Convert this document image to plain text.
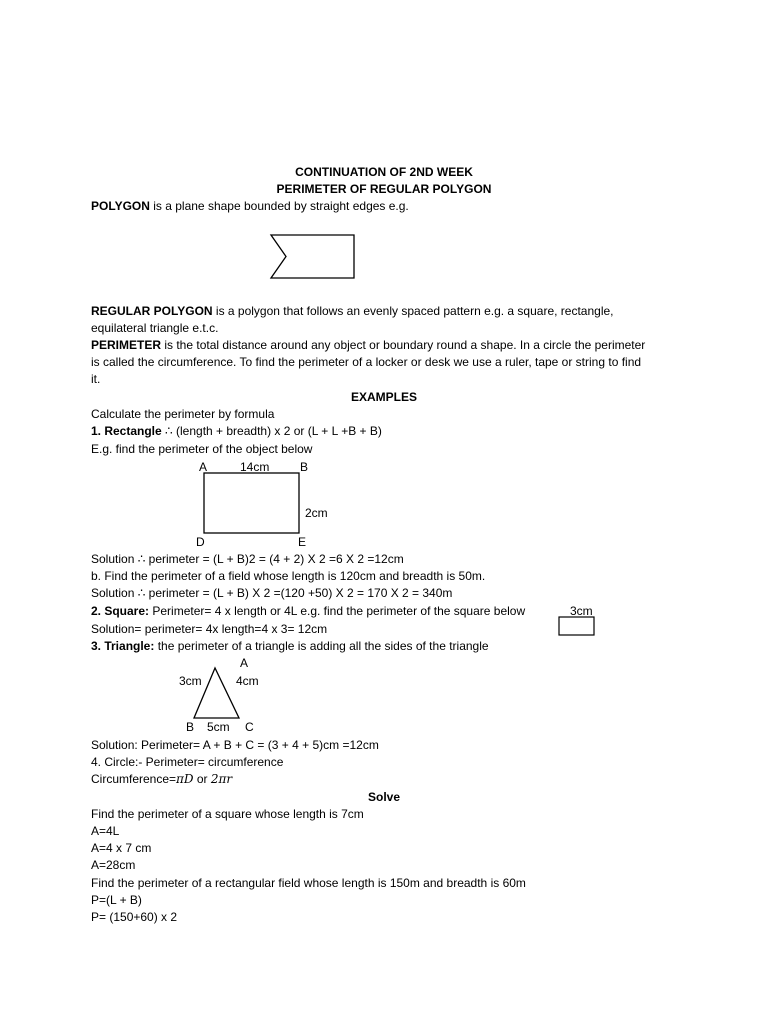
CONTINUATION OF 2ND WEEK
PERIMETER OF REGULAR POLYGON
POLYGON is a plane shape bounded by straight edges e.g.
REGULAR POLYGON is a polygon that follows an evenly spaced pattern e.g. a square, rectangle,
equilateral triangle e.t.c.
PERIMETER is the total distance around any object or boundary round a shape. In a circle the perimeter
is called the circumference. To find the perimeter of a locker or desk we use a ruler, tape or string to find
it.
EXAMPLES
Calculate the perimeter by formula
1. Rectangle ∴ (length + breadth) x 2 or (L + L +B + B)
E.g. find the perimeter of the object below
A	14cm	B
2cm
D	E
Solution ∴ perimeter = (L + B)2 = (4 + 2) X 2 =6 X 2 =12cm
b. Find the perimeter of a field whose length is 120cm and breadth is 50m.
Solution ∴ perimeter = (L + B) X 2 =(120 +50) X 2 = 170 X 2 = 340m
2. Square: Perimeter= 4 x length or 4L e.g. find the perimeter of the square below	3cm
Solution= perimeter= 4x length=4 x 3= 12cm
3. Triangle: the perimeter of a triangle is adding all the sides of the triangle
A
3cm	4cm
B 5cm C
Solution: Perimeter= A + B + C = (3 + 4 + 5)cm =12cm
4. Circle:- Perimeter= circumference
Circumference=πD or 2πr
Solve
Find the perimeter of a square whose length is 7cm
A=4L
A=4 x 7 cm
A=28cm
Find the perimeter of a rectangular field whose length is 150m and breadth is 60m
P=(L + B)
P= (150+60) x 2
